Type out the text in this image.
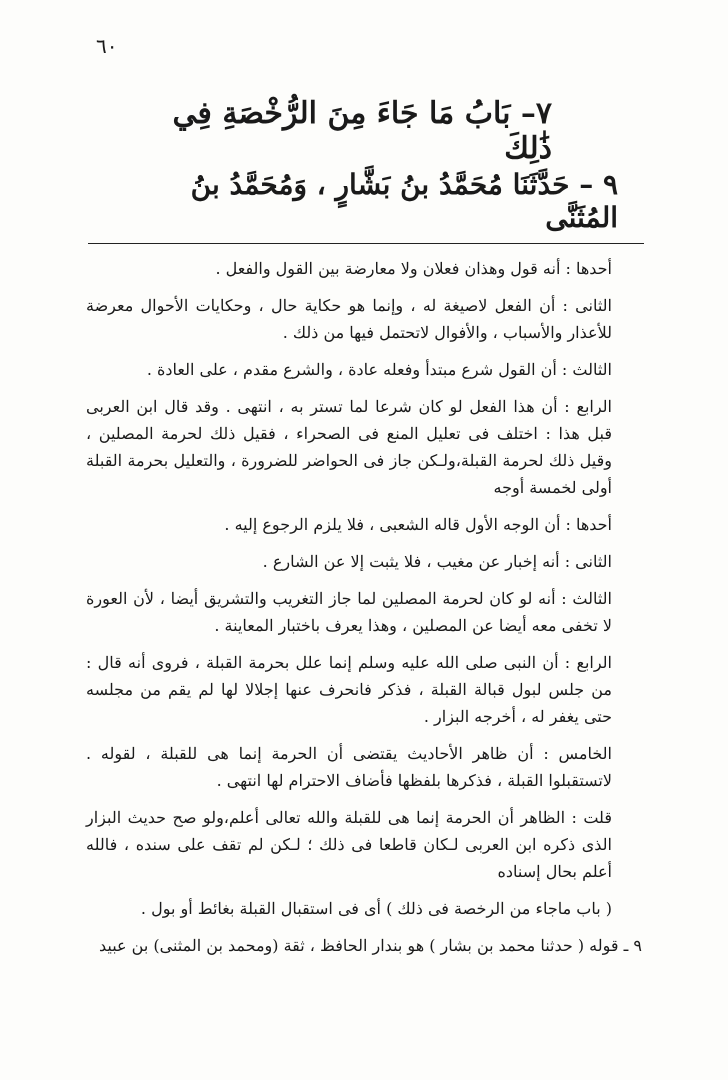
٦٠
٧– بَابُ مَا جَاءَ مِنَ الرُّخْصَةِ فِي ذَٰلِكَ
٩ – حَدَّثَنَا مُحَمَّدُ بنُ بَشَّارٍ ، وَمُحَمَّدُ بنُ المُثَنَّى

أحدها : أنه قول وهذان فعلان ولا معارضة بين القول والفعل .

الثانى : أن الفعل لاصيغة له ، وإنما هو حكاية حال ، وحكايات الأحوال معرضة للأعذار والأسباب ، والأفوال لاتحتمل فيها من ذلك .

الثالث : أن القول شرع مبتدأ وفعله عادة ، والشرع مقدم ، على العادة .

الرابع : أن هذا الفعل لو كان شرعا لما تستر به ، انتهى . وقد قال ابن العربى قبل هذا : اختلف فى تعليل المنع فى الصحراء ، فقيل ذلك لحرمة المصلين ، وقيل ذلك لحرمة القبلة،ولـكن جاز فى الحواضر للضرورة ، والتعليل بحرمة القبلة أولى لخمسة أوجه

أحدها : أن الوجه الأول قاله الشعبى ، فلا يلزم الرجوع إليه .

الثانى : أنه إخبار عن مغيب ، فلا يثبت إلا عن الشارع .

الثالث : أنه لو كان لحرمة المصلين لما جاز التغريب والتشريق أيضا ، لأن العورة لا تخفى معه أيضا عن المصلين ، وهذا يعرف باختبار المعاينة .

الرابع : أن النبى صلى الله عليه وسلم إنما علل بحرمة القبلة ، فروى أنه قال : من جلس لبول قبالة القبلة ، فذكر فانحرف عنها إجلالا لها لم يقم من مجلسه حتى يغفر له ، أخرجه البزار .

الخامس : أن ظاهر الأحاديث يقتضى أن الحرمة إنما هى للقبلة ، لقوله . لاتستقبلوا القبلة ، فذكرها بلفظها فأضاف الاحترام لها انتهى .

قلت : الظاهر أن الحرمة إنما هى للقبلة والله تعالى أعلم،ولو صح حديث البزار الذى ذكره ابن العربى لـكان قاطعا فى ذلك ؛ لـكن لم تقف على سنده ، فالله أعلم بحال إسناده

( باب ماجاء من الرخصة فى ذلك ) أى فى استقبال القبلة بغائط أو بول .

٩ ـ قوله ( حدثنا محمد بن بشار ) هو بندار الحافظ ، ثقة (ومحمد بن المثنى) بن عبيد
